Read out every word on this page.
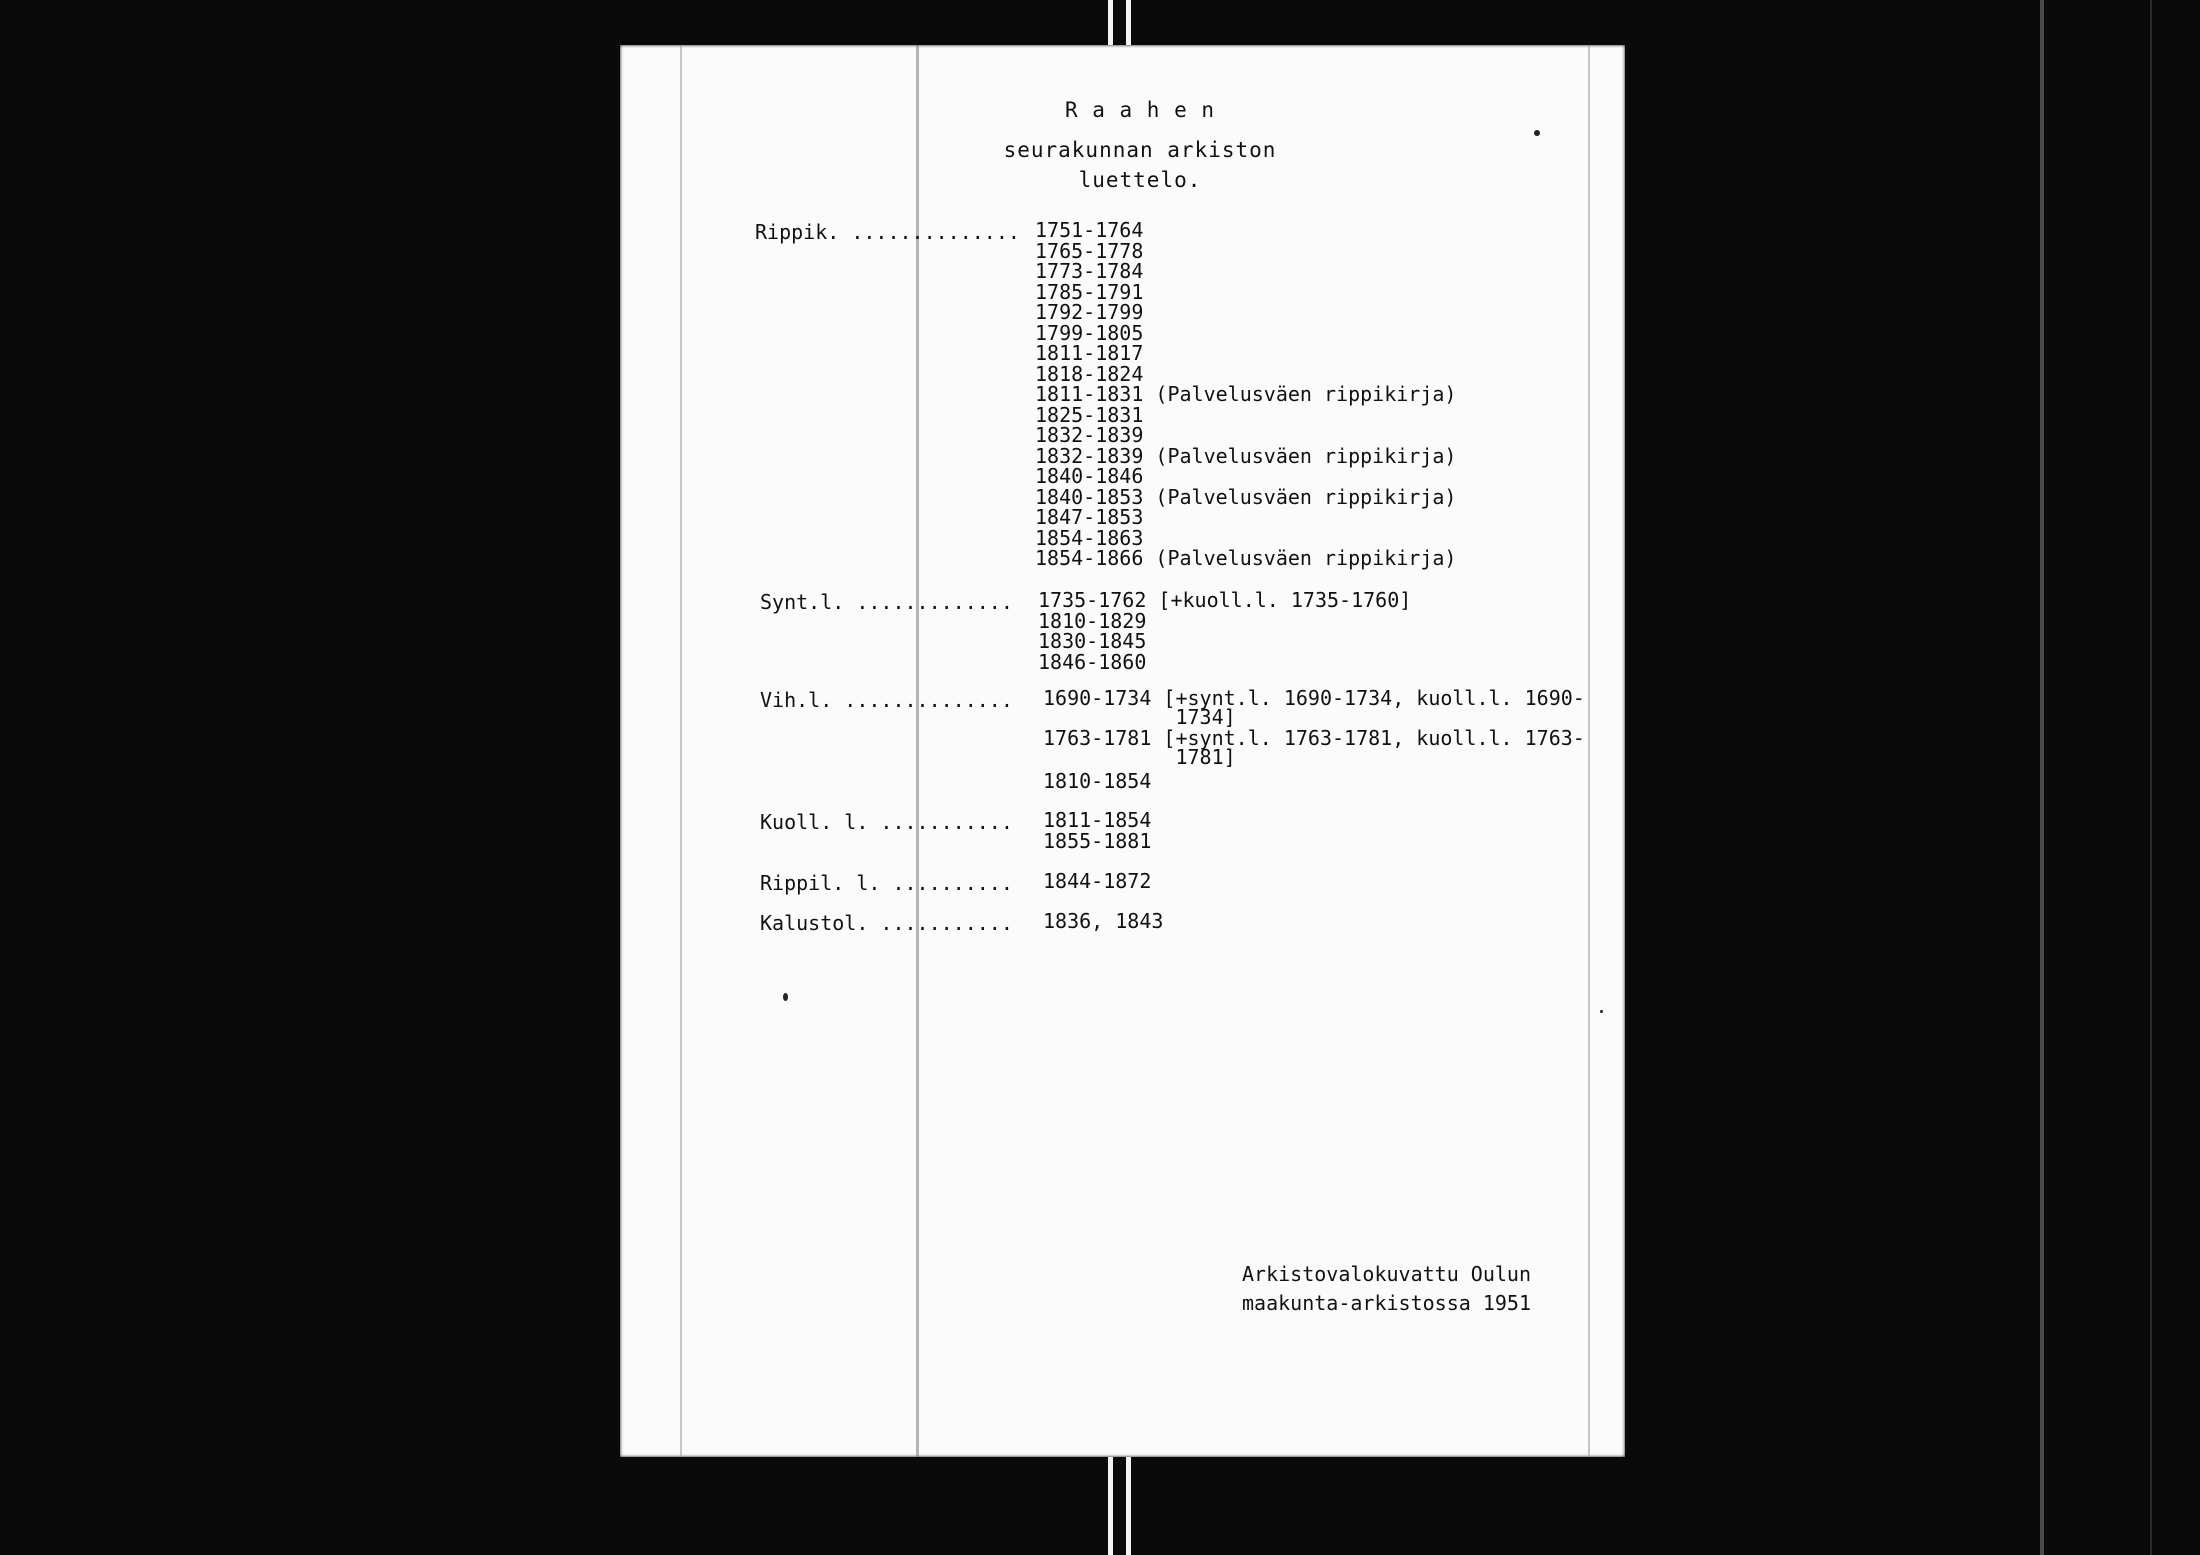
R a a h e n
seurakunnan arkiston
luettelo.
Rippik. .............. 1751-1764
1765-1778
1773-1784
1785-1791
1792-1799
1799-1805
1811-1817
1818-1824
1811-1831 (Palvelusväen rippikirja)
1825-1831
1832-1839
1832-1839 (Palvelusväen rippikirja)
1840-1846
1840-1853 (Palvelusväen rippikirja)
1847-1853
1854-1863
1854-1866 (Palvelusväen rippikirja)
Synt.l. ............. 1735-1762 [+kuoll.l. 1735-1760]
1810-1829
1830-1845
1846-1860
Vih.l. .............. 1690-1734 [+synt.l. 1690-1734, kuoll.l. 1690-
1734]
1763-1781 [+synt.l. 1763-1781, kuoll.l. 1763-
1781]
1810-1854
Kuoll. l. ........... 1811-1854
1855-1881
Rippil. l. .......... 1844-1872
Kalustol. ........... 1836, 1843
Arkistovalokuvattu Oulun
maakunta-arkistossa 1951
